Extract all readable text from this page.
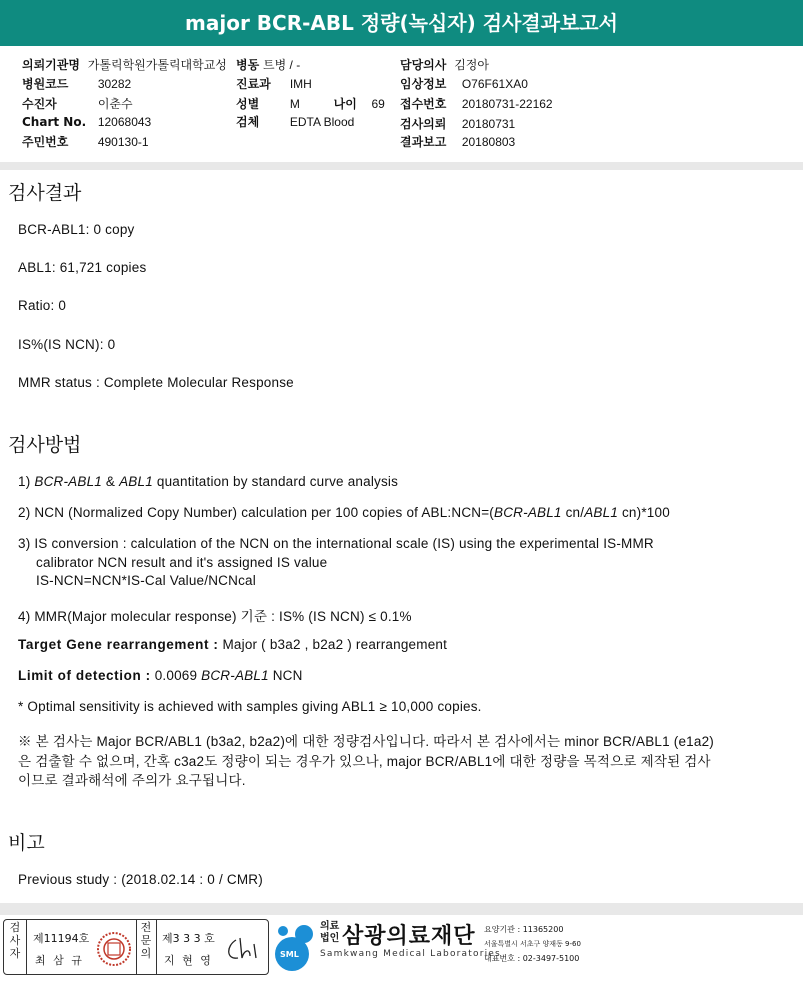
major BCR-ABL 정량(녹십자) 검사결과보고서
의뢰기관명 가톨릭학원가톨릭대학교성 병동 트병 / -	담당의사 김정아
병원코드 30282	진료과 IMH	임상정보 O76F61XA0
수진자	이춘수	성별	M	나이 69 접수번호 20180731-22162
Chart No. 12068043	검체	EDTA Blood	검사의뢰 20180731
주민번호 490130-1	결과보고 20180803
검사결과
BCR-ABL1: 0 copy
ABL1: 61,721 copies
Ratio: 0
IS%(IS NCN): 0
MMR status : Complete Molecular Response
검사방법
1) BCR-ABL1 & ABL1 quantitation by standard curve analysis
2) NCN (Normalized Copy Number) calculation per 100 copies of ABL:NCN=(BCR-ABL1 cn/ABL1 cn)*100
3) IS conversion : calculation of the NCN on the international scale (IS) using the experimental IS-MMR
calibrator NCN result and it's assigned IS value
IS-NCN=NCN*IS-Cal Value/NCNcal
4) MMR(Major molecular response) 기준 : IS% (IS NCN) ≤ 0.1%
Target Gene rearrangement : Major ( b3a2 , b2a2 ) rearrangement
Limit of detection : 0.0069 BCR-ABL1 NCN
* Optimal sensitivity is achieved with samples giving ABL1 ≥ 10,000 copies.
※ 본 검사는 Major BCR/ABL1 (b3a2, b2a2)에 대한 정량검사입니다. 따라서 본 검사에서는 minor BCR/ABL1 (e1a2)
은 검출할 수 없으며, 간혹 c3a2도 정량이 되는 경우가 있으나, major BCR/ABL1에 대한 정량을 목적으로 제작된 검사
이므로 결과해석에 주의가 요구됩니다.
비고
Previous study : (2018.02.14 : 0 / CMR)
검
사
자
제11194호
최 삼 규
전
문
의
제3 3 3 호
지 현 영	SML
의료
법인 삼광의료재단
Samkwang Medical Laboratories
요양기관 : 11365200
서울특별시 서초구 양재동 9-60
대표번호 : 02-3497-5100
